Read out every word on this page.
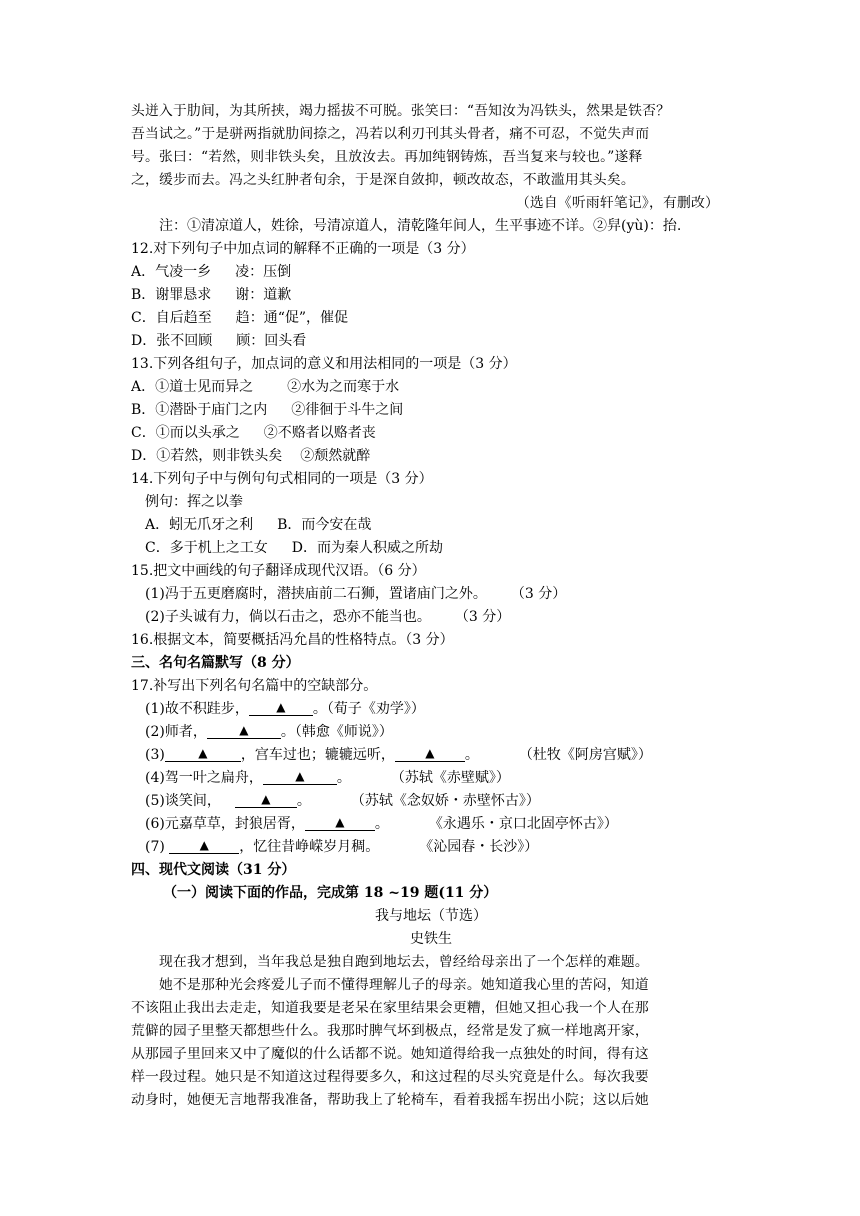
头迸入于肋间，为其所挟，竭力摇拔不可脱。张笑曰：“吾知汝为冯铁头，然果是铁否？
吾当试之。”于是骈两指就肋间捺之，冯若以利刃刊其头骨者，痛不可忍，不觉失声而
号。张曰：“若然，则非铁头矣，且放汝去。再加纯钢铸炼，吾当复来与较也。”遂释
之，缓步而去。冯之头红肿者旬余，于是深自敛抑，顿改故态，不敢滥用其头矣。
（选自《听雨轩笔记》，有删改）
注：①清凉道人，姓徐，号清凉道人，清乾隆年间人，生平事迹不详。②舁(yù)：抬.
12.对下列句子中加点词的解释不正确的一项是（3 分）
A．气凌一乡 凌：压倒
B．谢罪恳求 谢：道歉
C．自后趋至 趋：通“促”，催促
D．张不回顾 顾：回头看
13.下列各组句子，加点词的意义和用法相同的一项是（3 分）
A．①道士见而异之 ②水为之而寒于水
B．①潜卧于庙门之内 ②徘徊于斗牛之间
C．①而以头承之 ②不赂者以赂者丧
D．①若然，则非铁头矣 ②颓然就醉
14.下列句子中与例句句式相同的一项是（3 分）
例句：挥之以拳
A．蚓无爪牙之利 B．而今安在哉
C．多于机上之工女 D．而为秦人积威之所劫
15.把文中画线的句子翻译成现代汉语。（6 分）
(1)冯于五更磨腐时，潜挟庙前二石狮，置诸庙门之外。 （3 分）
(2)子头诚有力，倘以石击之，恐亦不能当也。 （3 分）
16.根据文本，简要概括冯允昌的性格特点。（3 分）
三、名句名篇默写（8 分）
17.补写出下列名句名篇中的空缺部分。
(1)故不积跬步， ▲ 。（荀子《劝学》）
(2)师者，	▲ 。（韩愈《师说》）
(3)	▲ ，宫车过也；辘辘远听，	▲ 。	（杜牧《阿房宫赋》）
(4)驾一叶之扁舟，	▲ 。	（苏轼《赤壁赋》）
(5)谈笑间，	▲ 。	（苏轼《念奴娇・赤壁怀古》）
(6)元嘉草草，封狼居胥，	▲ 。	《永遇乐・京口北固亭怀古》）
(7)	▲ ，忆往昔峥嵘岁月稠。	《沁园春・长沙》）
四、现代文阅读（31 分）
（一）阅读下面的作品，完成第 18 ~19 题(11 分）
我与地坛（节选）
史铁生
现在我才想到，当年我总是独自跑到地坛去，曾经给母亲出了一个怎样的难题。
她不是那种光会疼爱儿子而不懂得理解儿子的母亲。她知道我心里的苦闷，知道
不该阻止我出去走走，知道我要是老呆在家里结果会更糟，但她又担心我一个人在那
荒僻的园子里整天都想些什么。我那时脾气坏到极点，经常是发了疯一样地离开家，
从那园子里回来又中了魔似的什么话都不说。她知道得给我一点独处的时间，得有这
样一段过程。她只是不知道这过程得要多久，和这过程的尽头究竟是什么。每次我要
动身时，她便无言地帮我准备，帮助我上了轮椅车，看着我摇车拐出小院；这以后她
